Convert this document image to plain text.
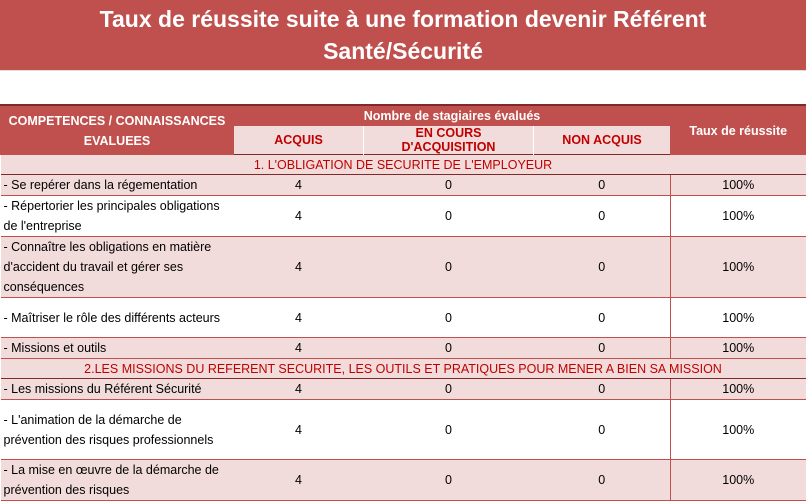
Taux de réussite suite à une formation devenir Référent
Santé/Sécurité
COMPETENCES / CONNAISSANCES EVALUEES	Nombre de stagiaires évalués			Taux de réussite
	ACQUIS	EN COURS D'ACQUISITION	NON ACQUIS	
1. L'OBLIGATION DE SECURITE DE L'EMPLOYEUR				
- Se repérer dans la régementation	4	0	0	100%
- Répertorier les principales obligations de l'entreprise	4	0	0	100%
- Connaître les obligations en matière d'accident du travail et gérer ses conséquences	4	0	0	100%
- Maîtriser le rôle des différents acteurs	4	0	0	100%
- Missions et outils	4	0	0	100%
2.LES MISSIONS DU REFERENT SECURITE, LES OUTILS ET PRATIQUES POUR MENER A BIEN SA MISSION				
- Les missions du Référent Sécurité	4	0	0	100%
- L'animation de la démarche de prévention des risques professionnels	4	0	0	100%
- La mise en œuvre de la démarche de prévention des risques	4	0	0	100%
